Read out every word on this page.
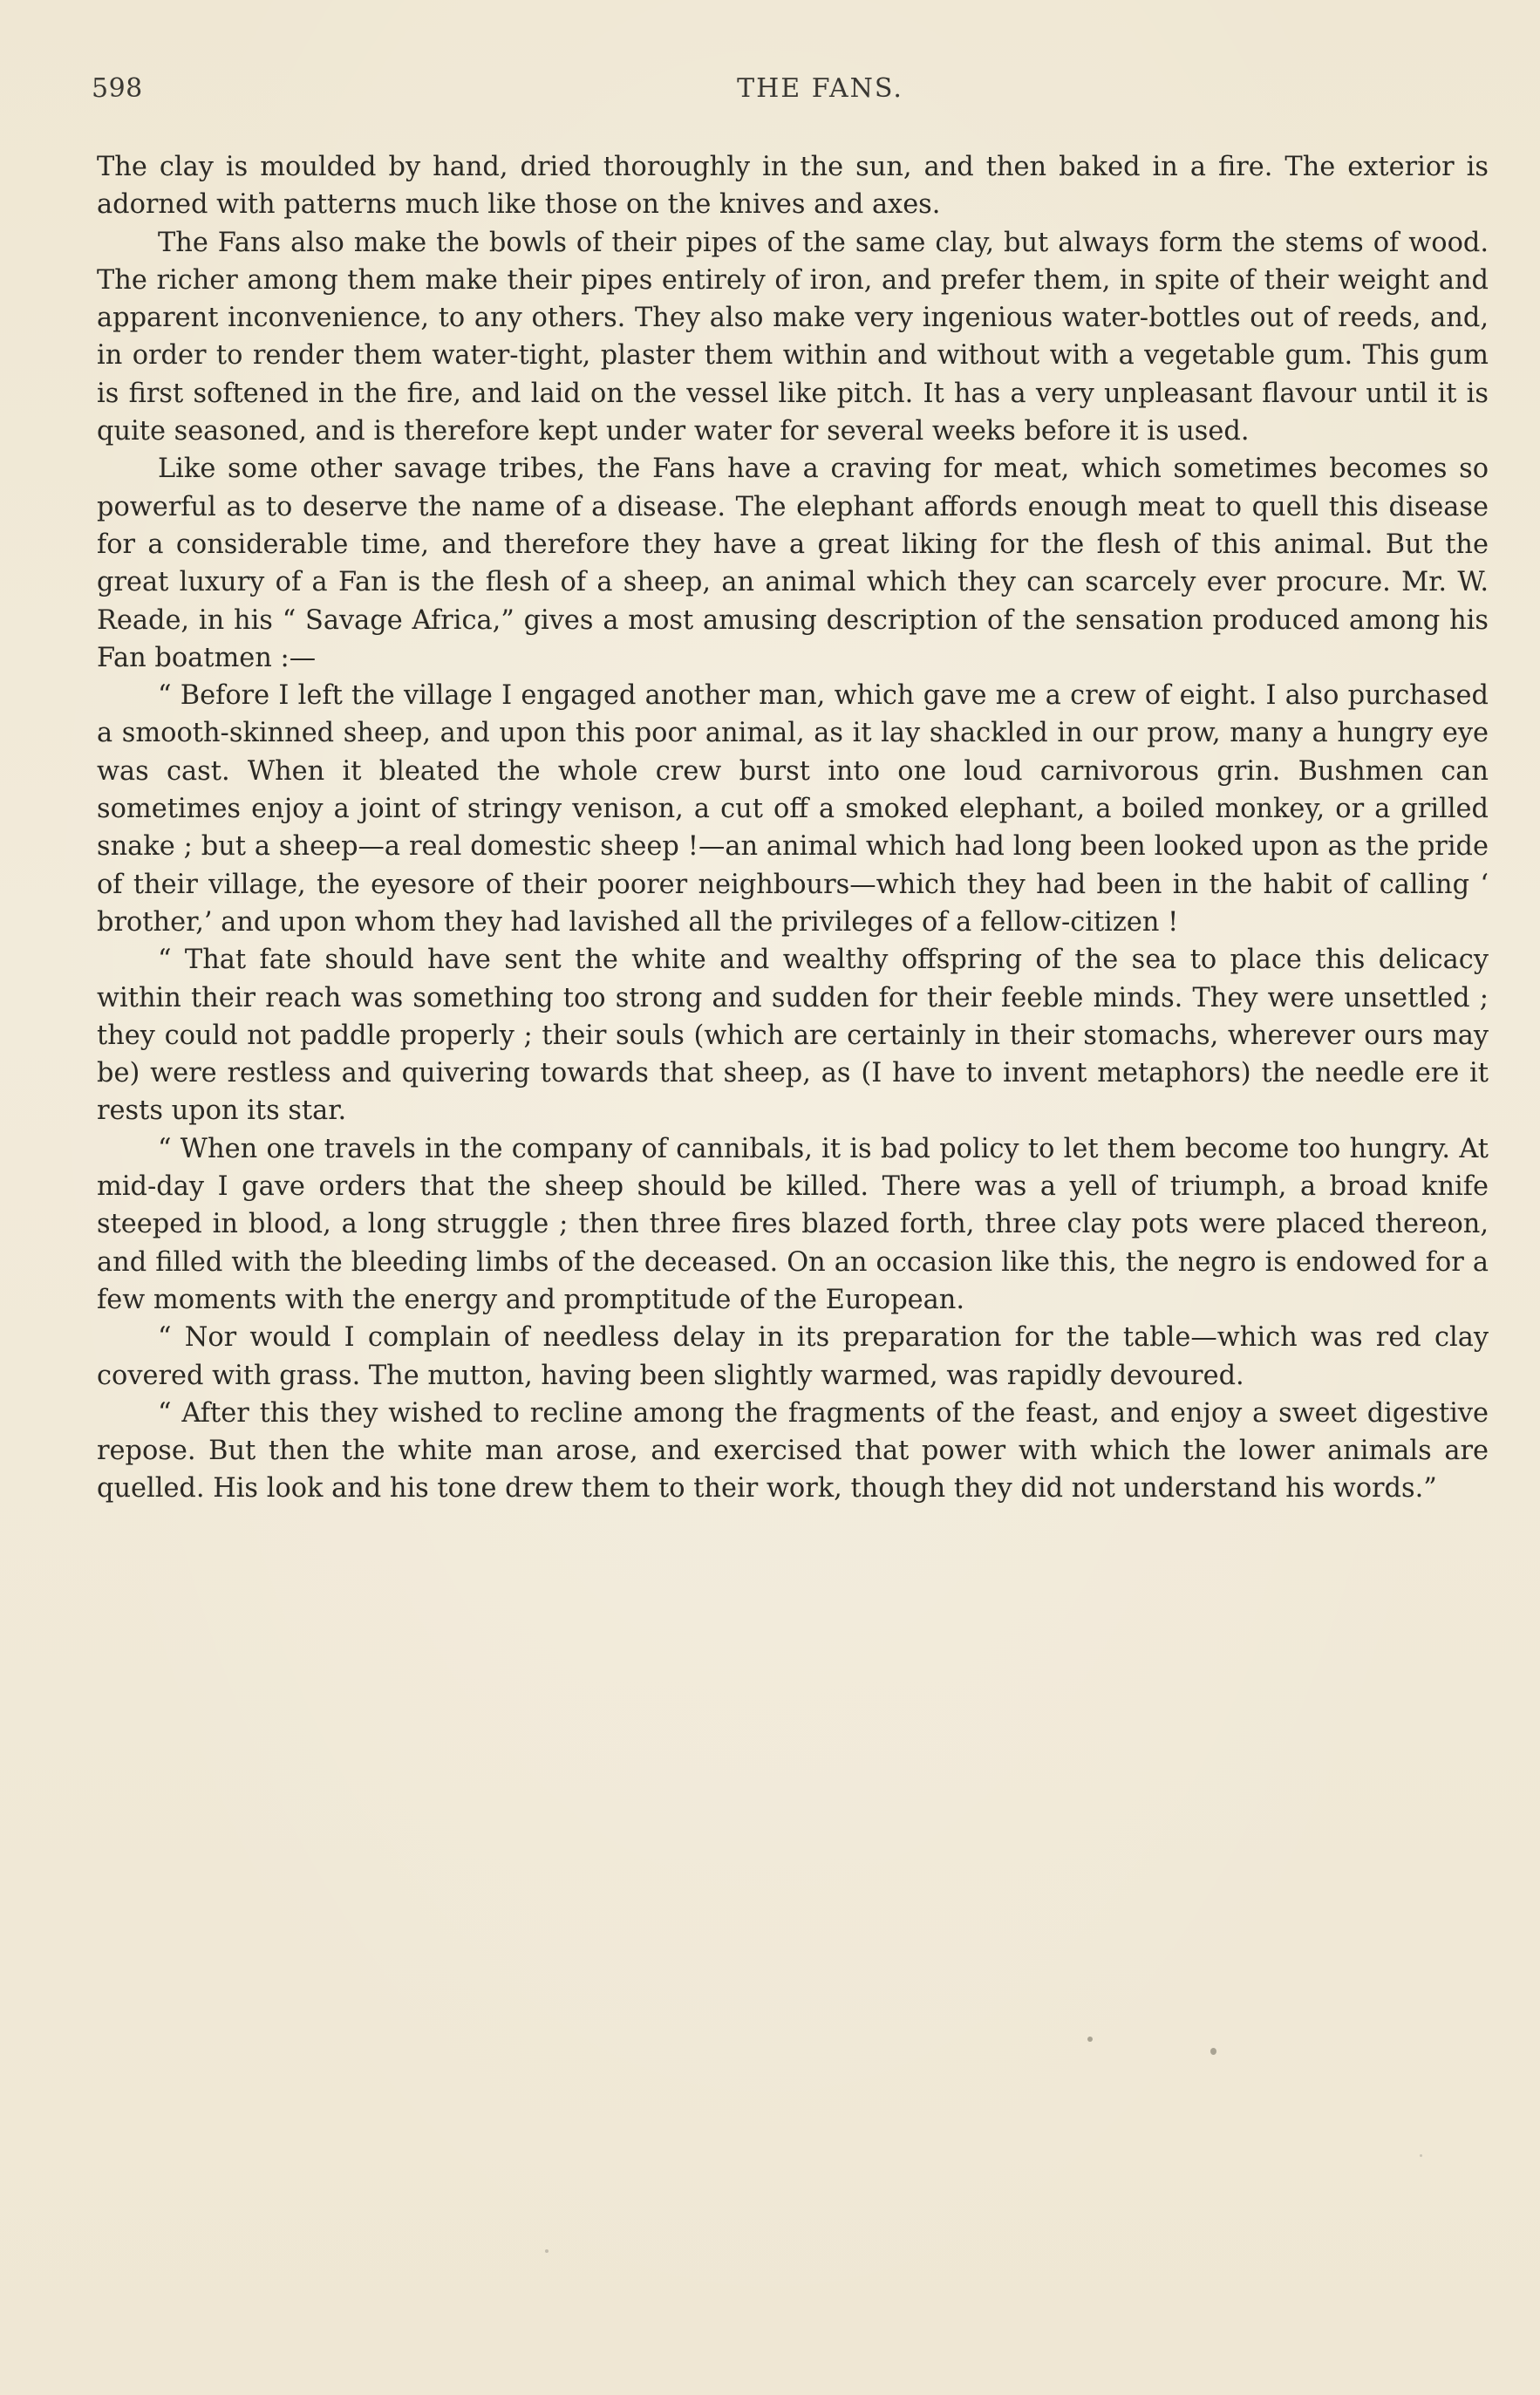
598	THE FANS.

The clay is moulded by hand, dried thoroughly in the sun, and then baked in a fire. The exterior is adorned with patterns much like those on the knives and axes.

The Fans also make the bowls of their pipes of the same clay, but always form the stems of wood. The richer among them make their pipes entirely of iron, and prefer them, in spite of their weight and apparent inconvenience, to any others. They also make very ingenious water-bottles out of reeds, and, in order to render them water-tight, plaster them within and without with a vegetable gum. This gum is first softened in the fire, and laid on the vessel like pitch. It has a very unpleasant flavour until it is quite seasoned, and is therefore kept under water for several weeks before it is used.

Like some other savage tribes, the Fans have a craving for meat, which sometimes becomes so powerful as to deserve the name of a disease. The elephant affords enough meat to quell this disease for a considerable time, and therefore they have a great liking for the flesh of this animal. But the great luxury of a Fan is the flesh of a sheep, an animal which they can scarcely ever procure. Mr. W. Reade, in his “ Savage Africa,” gives a most amusing description of the sensation produced among his Fan boatmen :—

“ Before I left the village I engaged another man, which gave me a crew of eight. I also purchased a smooth-skinned sheep, and upon this poor animal, as it lay shackled in our prow, many a hungry eye was cast. When it bleated the whole crew burst into one loud carnivorous grin. Bushmen can sometimes enjoy a joint of stringy venison, a cut off a smoked elephant, a boiled monkey, or a grilled snake ; but a sheep—a real domestic sheep !—an animal which had long been looked upon as the pride of their village, the eyesore of their poorer neighbours—which they had been in the habit of calling ‘ brother,’ and upon whom they had lavished all the privileges of a fellow-citizen !

“ That fate should have sent the white and wealthy offspring of the sea to place this delicacy within their reach was something too strong and sudden for their feeble minds. They were unsettled ; they could not paddle properly ; their souls (which are certainly in their stomachs, wherever ours may be) were restless and quivering towards that sheep, as (I have to invent metaphors) the needle ere it rests upon its star.

“ When one travels in the company of cannibals, it is bad policy to let them become too hungry. At mid-day I gave orders that the sheep should be killed. There was a yell of triumph, a broad knife steeped in blood, a long struggle ; then three fires blazed forth, three clay pots were placed thereon, and filled with the bleeding limbs of the deceased. On an occasion like this, the negro is endowed for a few moments with the energy and promptitude of the European.

“ Nor would I complain of needless delay in its preparation for the table—which was red clay covered with grass. The mutton, having been slightly warmed, was rapidly devoured.

“ After this they wished to recline among the fragments of the feast, and enjoy a sweet digestive repose. But then the white man arose, and exercised that power with which the lower animals are quelled. His look and his tone drew them to their work, though they did not understand his words.”
